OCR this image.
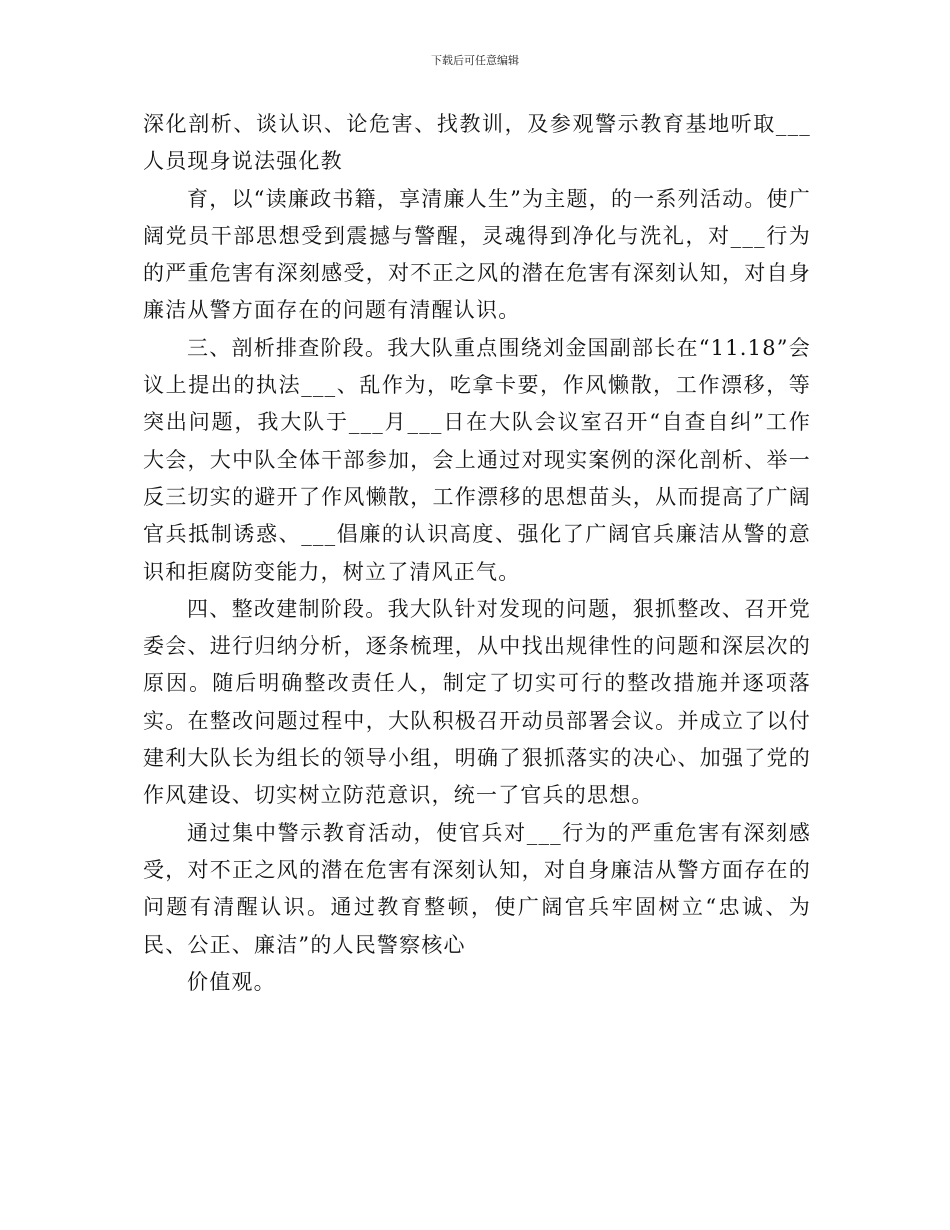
下载后可任意编辑

深化剖析、谈认识、论危害、找教训，及参观警示教育基地听取___人员现身说法强化教

育，以“读廉政书籍，享清廉人生”为主题，的一系列活动。使广阔党员干部思想受到震撼与警醒，灵魂得到净化与洗礼，对___行为的严重危害有深刻感受，对不正之风的潜在危害有深刻认知，对自身廉洁从警方面存在的问题有清醒认识。

三、剖析排查阶段。我大队重点围绕刘金国副部长在“11.18”会议上提出的执法___、乱作为，吃拿卡要，作风懒散，工作漂移，等突出问题，我大队于___月___日在大队会议室召开“自查自纠”工作大会，大中队全体干部参加，会上通过对现实案例的深化剖析、举一反三切实的避开了作风懒散，工作漂移的思想苗头，从而提高了广阔官兵抵制诱惑、___倡廉的认识高度、强化了广阔官兵廉洁从警的意识和拒腐防变能力，树立了清风正气。

四、整改建制阶段。我大队针对发现的问题，狠抓整改、召开党委会、进行归纳分析，逐条梳理，从中找出规律性的问题和深层次的原因。随后明确整改责任人，制定了切实可行的整改措施并逐项落实。在整改问题过程中，大队积极召开动员部署会议。并成立了以付建利大队长为组长的领导小组，明确了狠抓落实的决心、加强了党的作风建设、切实树立防范意识，统一了官兵的思想。

通过集中警示教育活动，使官兵对___行为的严重危害有深刻感受，对不正之风的潜在危害有深刻认知，对自身廉洁从警方面存在的问题有清醒认识。通过教育整顿，使广阔官兵牢固树立“忠诚、为民、公正、廉洁”的人民警察核心

价值观。
